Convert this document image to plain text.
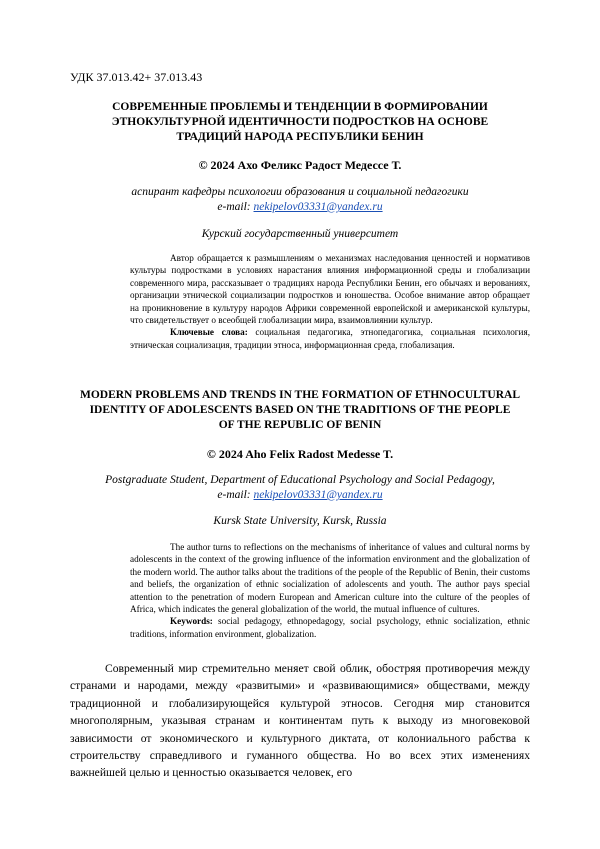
УДК 37.013.42+ 37.013.43
СОВРЕМЕННЫЕ ПРОБЛЕМЫ И ТЕНДЕНЦИИ В ФОРМИРОВАНИИ
ЭТНОКУЛЬТУРНОЙ ИДЕНТИЧНОСТИ ПОДРОСТКОВ НА ОСНОВЕ
ТРАДИЦИЙ НАРОДА РЕСПУБЛИКИ БЕНИН
© 2024 Ахо Феликс Радост Медессе Т.
аспирант кафедры психологии образования и социальной педагогики
e-mail: nekipelov03331@yandex.ru
Курский государственный университет

Автор обращается к размышлениям о механизмах наследования ценностей и нормативов культуры подростками в условиях нарастания влияния информационной среды и глобализации современного мира, рассказывает о традициях народа Республики Бенин, его обычаях и верованиях, организации этнической социализации подростков и юношества. Особое внимание автор обращает на проникновение в культуру народов Африки современной европейской и американской культуры, что свидетельствует о всеобщей глобализации мира, взаимовлиянии культур.

Ключевые слова: социальная педагогика, этнопедагогика, социальная психология, этническая социализация, традиции этноса, информационная среда, глобализация.

MODERN PROBLEMS AND TRENDS IN THE FORMATION OF ETHNOCULTURAL
IDENTITY OF ADOLESCENTS BASED ON THE TRADITIONS OF THE PEOPLE
OF THE REPUBLIC OF BENIN
© 2024 Aho Felix Radost Medesse T.
Postgraduate Student, Department of Educational Psychology and Social Pedagogy,
e-mail: nekipelov03331@yandex.ru
Kursk State University, Kursk, Russia

The author turns to reflections on the mechanisms of inheritance of values and cultural norms by adolescents in the context of the growing influence of the information environment and the globalization of the modern world. The author talks about the traditions of the people of the Republic of Benin, their customs and beliefs, the organization of ethnic socialization of adolescents and youth. The author pays special attention to the penetration of modern European and American culture into the culture of the peoples of Africa, which indicates the general globalization of the world, the mutual influence of cultures.

Keywords: social pedagogy, ethnopedagogy, social psychology, ethnic socialization, ethnic traditions, information environment, globalization.

Современный мир стремительно меняет свой облик, обостряя противоречия между странами и народами, между «развитыми» и «развивающимися» обществами, между традиционной и глобализирующейся культурой этносов. Сегодня мир становится многополярным, указывая странам и континентам путь к выходу из многовековой зависимости от экономического и культурного диктата, от колониального рабства к строительству справедливого и гуманного общества. Но во всех этих изменениях важнейшей целью и ценностью оказывается человек, его
